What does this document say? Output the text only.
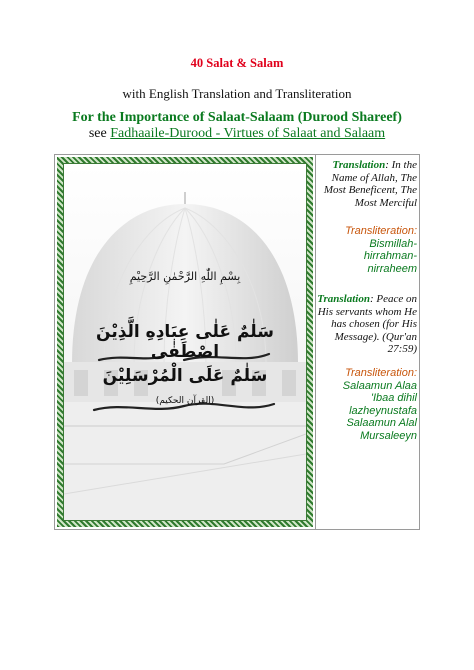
40 Salat & Salam
with English Translation and Transliteration
For the Importance of Salaat-Salaam (Durood Shareef)
see Fadhaaile-Durood - Virtues of Salaat and Salaam
بِسْمِ اللّٰهِ الرَّحْمٰنِ الرَّحِيْمِ
سَلٰمٌ عَلٰى عِبَادِهِ الَّذِيْنَ اصْطَفٰى
سَلٰمٌ عَلَى الْمُرْسَلِيْنَ
(القرآن الحكيم)
Translation: In the Name of Allah, The Most Beneficent, The Most Merciful
Transliteration:
Bismillah-hirrahman-nirraheem
Translation: Peace on His servants whom He has chosen (for His Message). (Qur'an 27:59)
Transliteration:
Salaamun Alaa 'Ibaa dihil lazheynustafa Salaamun Alal Mursaleeyn
